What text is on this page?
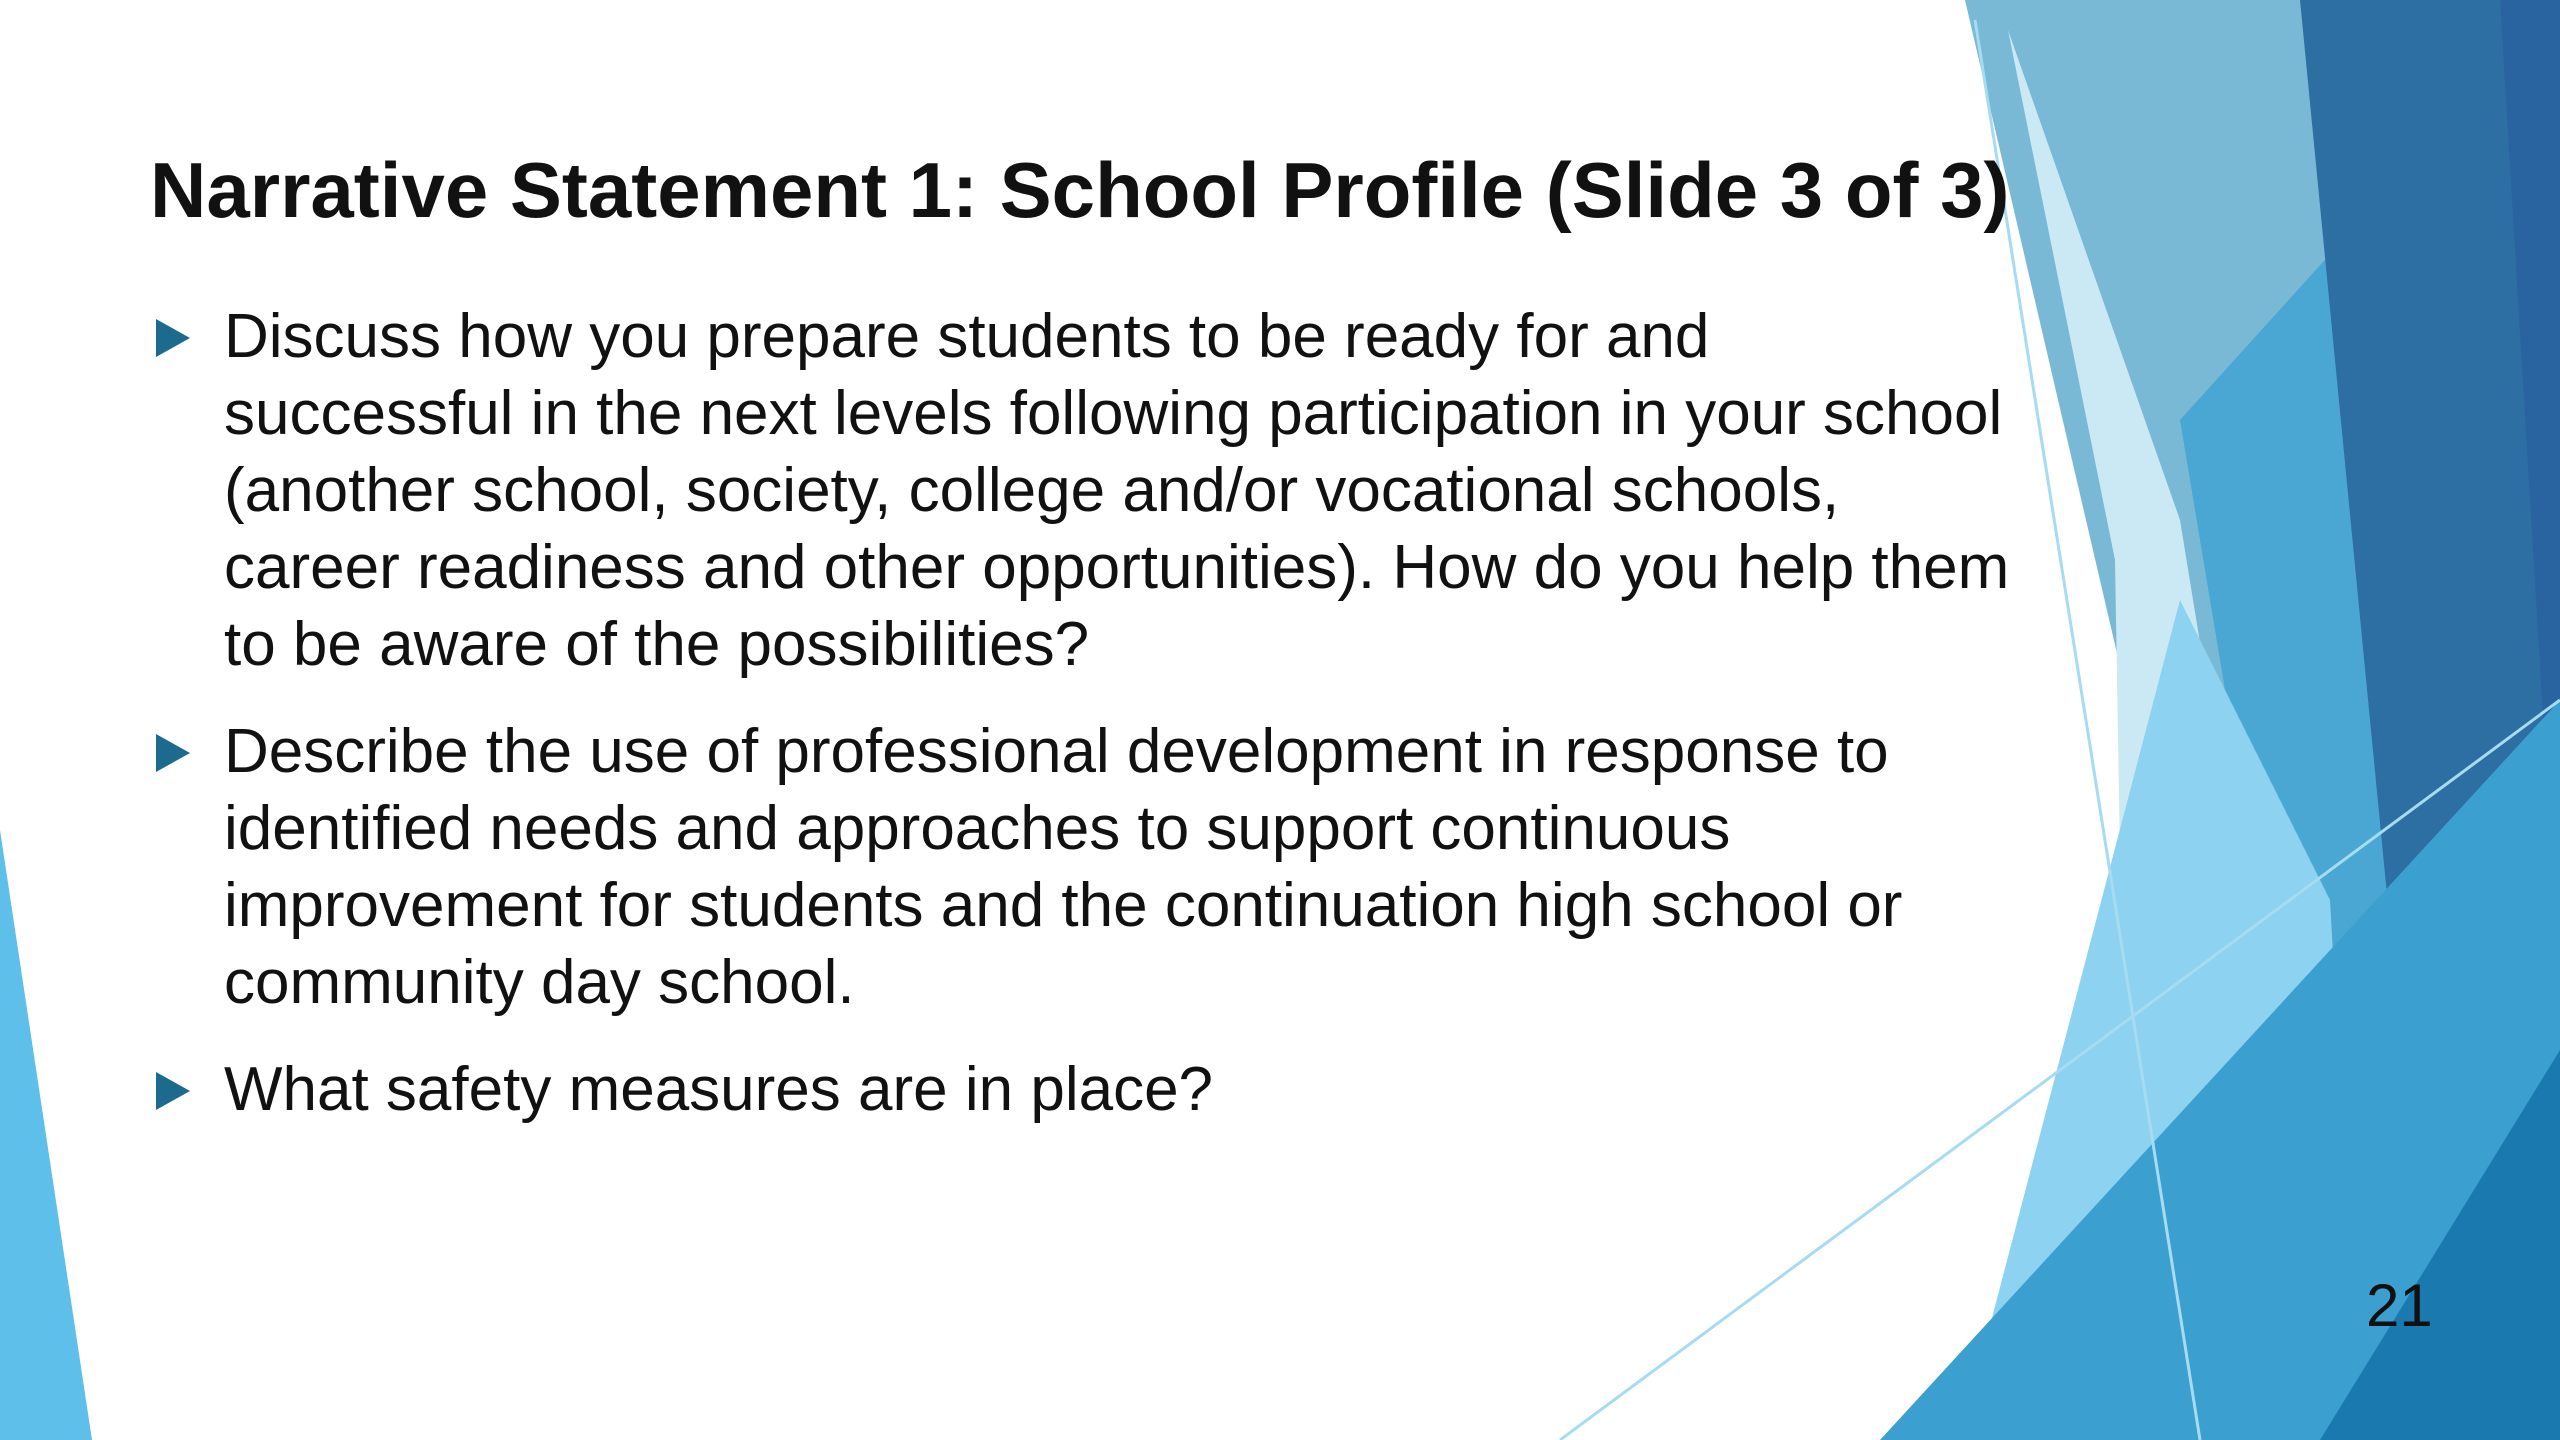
Narrative Statement 1: School Profile (Slide 3 of 3)
Discuss how you prepare students to be ready for and successful in the next levels following participation in your school (another school, society, college and/or vocational schools, career readiness and other opportunities). How do you help them to be aware of the possibilities?
Describe the use of professional development in response to identified needs and approaches to support continuous improvement for students and the continuation high school or community day school.
What safety measures are in place?
21
